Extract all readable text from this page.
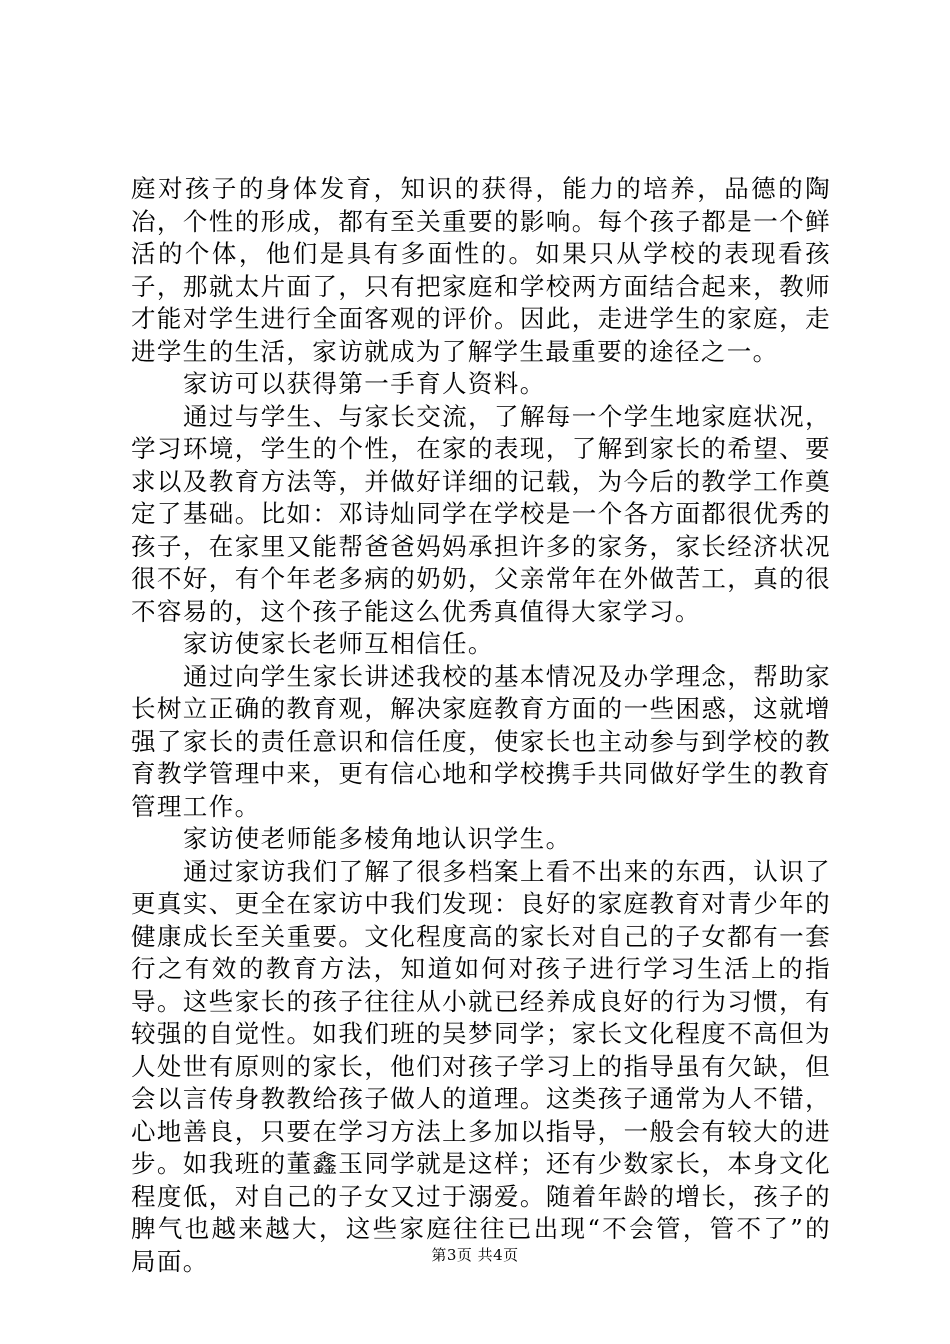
庭对孩子的身体发育，知识的获得，能力的培养，品德的陶冶，个性的形成，都有至关重要的影响。每个孩子都是一个鲜活的个体，他们是具有多面性的。如果只从学校的表现看孩子，那就太片面了，只有把家庭和学校两方面结合起来，教师才能对学生进行全面客观的评价。因此，走进学生的家庭，走进学生的生活，家访就成为了解学生最重要的途径之一。

家访可以获得第一手育人资料。

通过与学生、与家长交流，了解每一个学生地家庭状况，学习环境，学生的个性，在家的表现，了解到家长的希望、要求以及教育方法等，并做好详细的记载，为今后的教学工作奠定了基础。比如：邓诗灿同学在学校是一个各方面都很优秀的孩子，在家里又能帮爸爸妈妈承担许多的家务，家长经济状况很不好，有个年老多病的奶奶，父亲常年在外做苦工，真的很不容易的，这个孩子能这么优秀真值得大家学习。

家访使家长老师互相信任。

通过向学生家长讲述我校的基本情况及办学理念，帮助家长树立正确的教育观，解决家庭教育方面的一些困惑，这就增强了家长的责任意识和信任度，使家长也主动参与到学校的教育教学管理中来，更有信心地和学校携手共同做好学生的教育管理工作。

家访使老师能多棱角地认识学生。

通过家访我们了解了很多档案上看不出来的东西，认识了更真实、更全在家访中我们发现：良好的家庭教育对青少年的健康成长至关重要。文化程度高的家长对自己的子女都有一套行之有效的教育方法，知道如何对孩子进行学习生活上的指导。这些家长的孩子往往从小就已经养成良好的行为习惯，有较强的自觉性。如我们班的吴梦同学；家长文化程度不高但为人处世有原则的家长，他们对孩子学习上的指导虽有欠缺，但会以言传身教教给孩子做人的道理。这类孩子通常为人不错，心地善良，只要在学习方法上多加以指导，一般会有较大的进步。如我班的董鑫玉同学就是这样；还有少数家长，本身文化程度低，对自己的子女又过于溺爱。随着年龄的增长，孩子的脾气也越来越大，这些家庭往往已出现“不会管，管不了”的局面。	第3页 共4页
